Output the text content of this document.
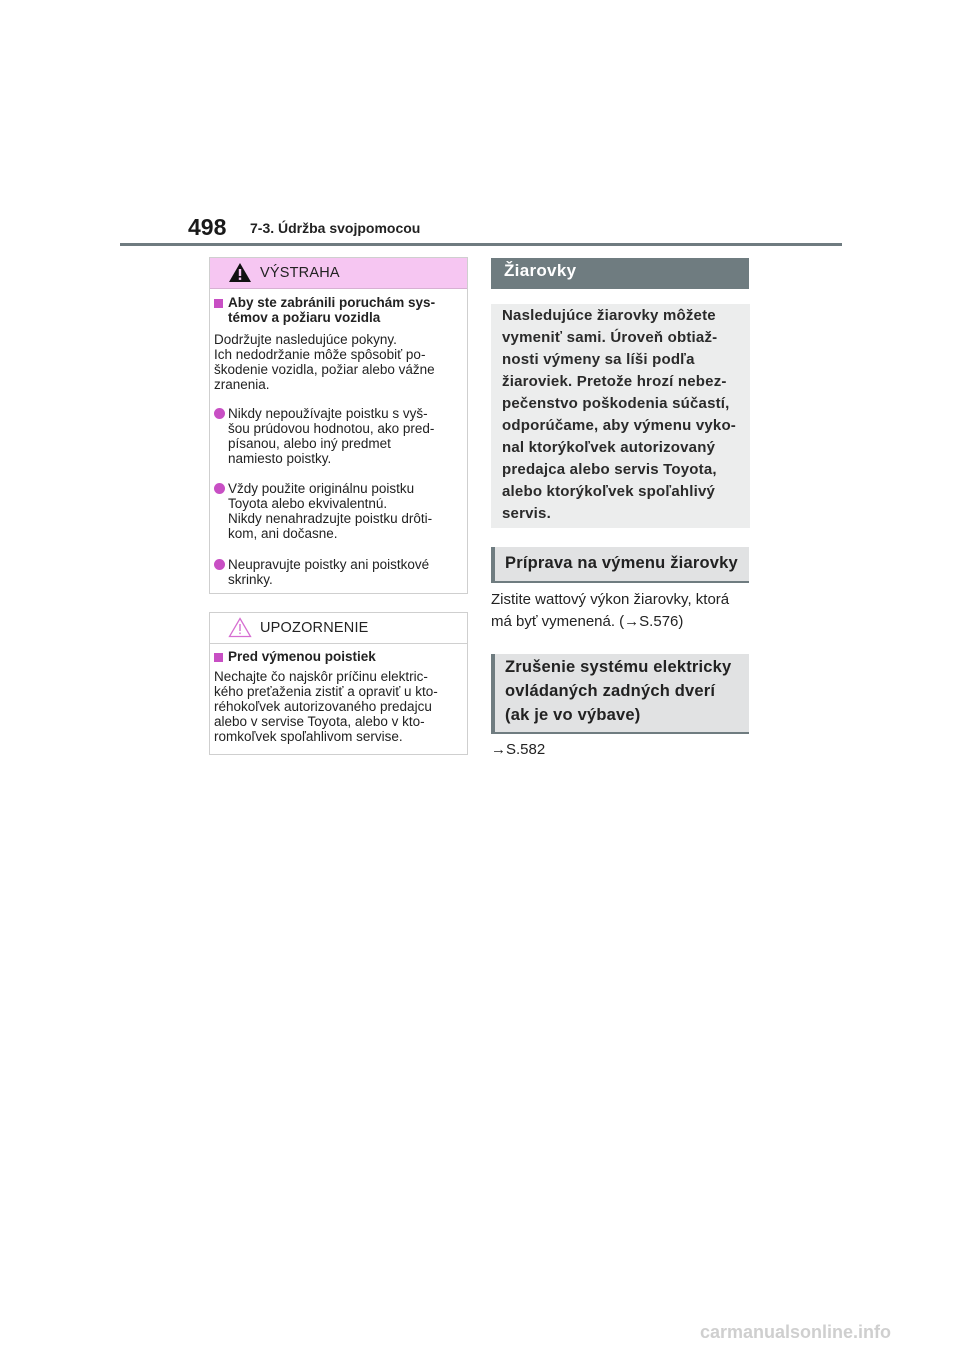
498 7-3. Údržba svojpomocou
VÝSTRAHA
Aby ste zabránili poruchám sys-
témov a požiaru vozidla
Dodržujte nasledujúce pokyny.
Ich nedodržanie môže spôsobiť po-
škodenie vozidla, požiar alebo vážne
zranenia.
Nikdy nepoužívajte poistku s vyš-
šou prúdovou hodnotou, ako pred-
písanou, alebo iný predmet
namiesto poistky.
Vždy použite originálnu poistku
Toyota alebo ekvivalentnú.
Nikdy nenahradzujte poistku drôti-
kom, ani dočasne.
Neupravujte poistky ani poistkové
skrinky.
UPOZORNENIE
Pred výmenou poistiek
Nechajte čo najskôr príčinu elektric-
kého preťaženia zistiť a opraviť u kto-
réhokoľvek autorizovaného predajcu
alebo v servise Toyota, alebo v kto-
romkoľvek spoľahlivom servise.
Žiarovky
Nasledujúce žiarovky môžete
vymeniť sami. Úroveň obtiaž-
nosti výmeny sa líši podľa
žiaroviek. Pretože hrozí nebez-
pečenstvo poškodenia súčastí,
odporúčame, aby výmenu vyko-
nal ktorýkoľvek autorizovaný
predajca alebo servis Toyota,
alebo ktorýkoľvek spoľahlivý
servis.
Príprava na výmenu žiarovky
Zistite wattový výkon žiarovky, ktorá
má byť vymenená. (→S.576)
Zrušenie systému elektricky
ovládaných zadných dverí
(ak je vo výbave)
→S.582
carmanualsonline.info
